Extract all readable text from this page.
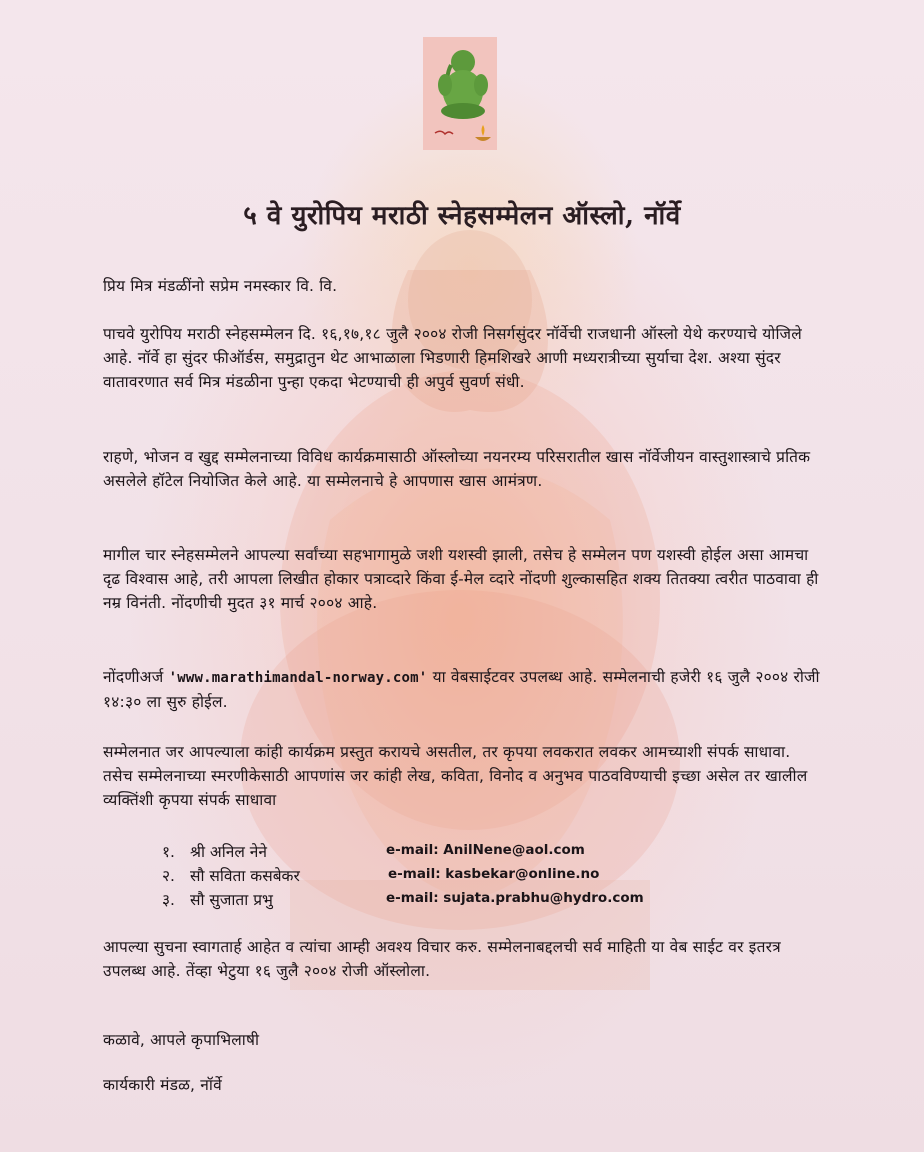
५ वे युरोपिय मराठी स्नेहसम्मेलन ऑस्लो, नॉर्वे

प्रिय मित्र मंडळींनो सप्रेम नमस्कार वि. वि.

पाचवे युरोपिय मराठी स्नेहसम्मेलन दि. १६,१७,१८ जुलै २००४ रोजी निसर्गसुंदर नॉर्वेची राजधानी ऑस्लो येथे करण्याचे योजिले आहे. नॉर्वे हा सुंदर फीऑर्डस, समुद्रातुन थेट आभाळाला भिडणारी हिमशिखरे आणी मध्यरात्रीच्या सुर्याचा देश. अश्या सुंदर वातावरणात सर्व मित्र मंडळीना पुन्हा एकदा भेटण्याची ही अपुर्व सुवर्ण संधी.

राहणे, भोजन व खुद्द सम्मेलनाच्या विविध कार्यक्रमासाठी ऑस्लोच्या नयनरम्य परिसरातील खास नॉर्वेजीयन वास्तुशास्त्राचे प्रतिक असलेले हॉटेल नियोजित केले आहे. या सम्मेलनाचे हे आपणास खास आमंत्रण.

मागील चार स्नेहसम्मेलने आपल्या सर्वांच्या सहभागामुळे जशी यशस्वी झाली, तसेच हे सम्मेलन पण यशस्वी होईल असा आमचा दृढ विश्वास आहे, तरी आपला लिखीत होकार पत्राव्दारे किंवा ई-मेल व्दारे नोंदणी शुल्कासहित शक्य तितक्या त्वरीत पाठवावा ही नम्र विनंती. नोंदणीची मुदत ३१ मार्च २००४ आहे.

नोंदणीअर्ज 'www.marathimandal-norway.com' या वेबसाईटवर उपलब्ध आहे. सम्मेलनाची हजेरी १६ जुलै २००४ रोजी १४:३० ला सुरु होईल.

सम्मेलनात जर आपल्याला कांही कार्यक्रम प्रस्तुत करायचे असतील, तर कृपया लवकरात लवकर आमच्याशी संपर्क साधावा. तसेच सम्मेलनाच्या स्मरणीकेसाठी आपणांस जर कांही लेख, कविता, विनोद व अनुभव पाठवविण्याची इच्छा असेल तर खालील व्यक्तिंशी कृपया संपर्क साधावा

१. श्री अनिल नेने	e-mail: AnilNene@aol.com
२. सौ सविता कसबेकर	e-mail: kasbekar@online.no
३. सौ सुजाता प्रभु	e-mail: sujata.prabhu@hydro.com

आपल्या सुचना स्वागतार्ह आहेत व त्यांचा आम्ही अवश्य विचार करु. सम्मेलनाबद्दलची सर्व माहिती या वेब साईट वर इतरत्र उपलब्ध आहे. तेंव्हा भेटुया १६ जुलै २००४ रोजी ऑस्लोला.

कळावे, आपले कृपाभिलाषी

कार्यकारी मंडळ, नॉर्वे
